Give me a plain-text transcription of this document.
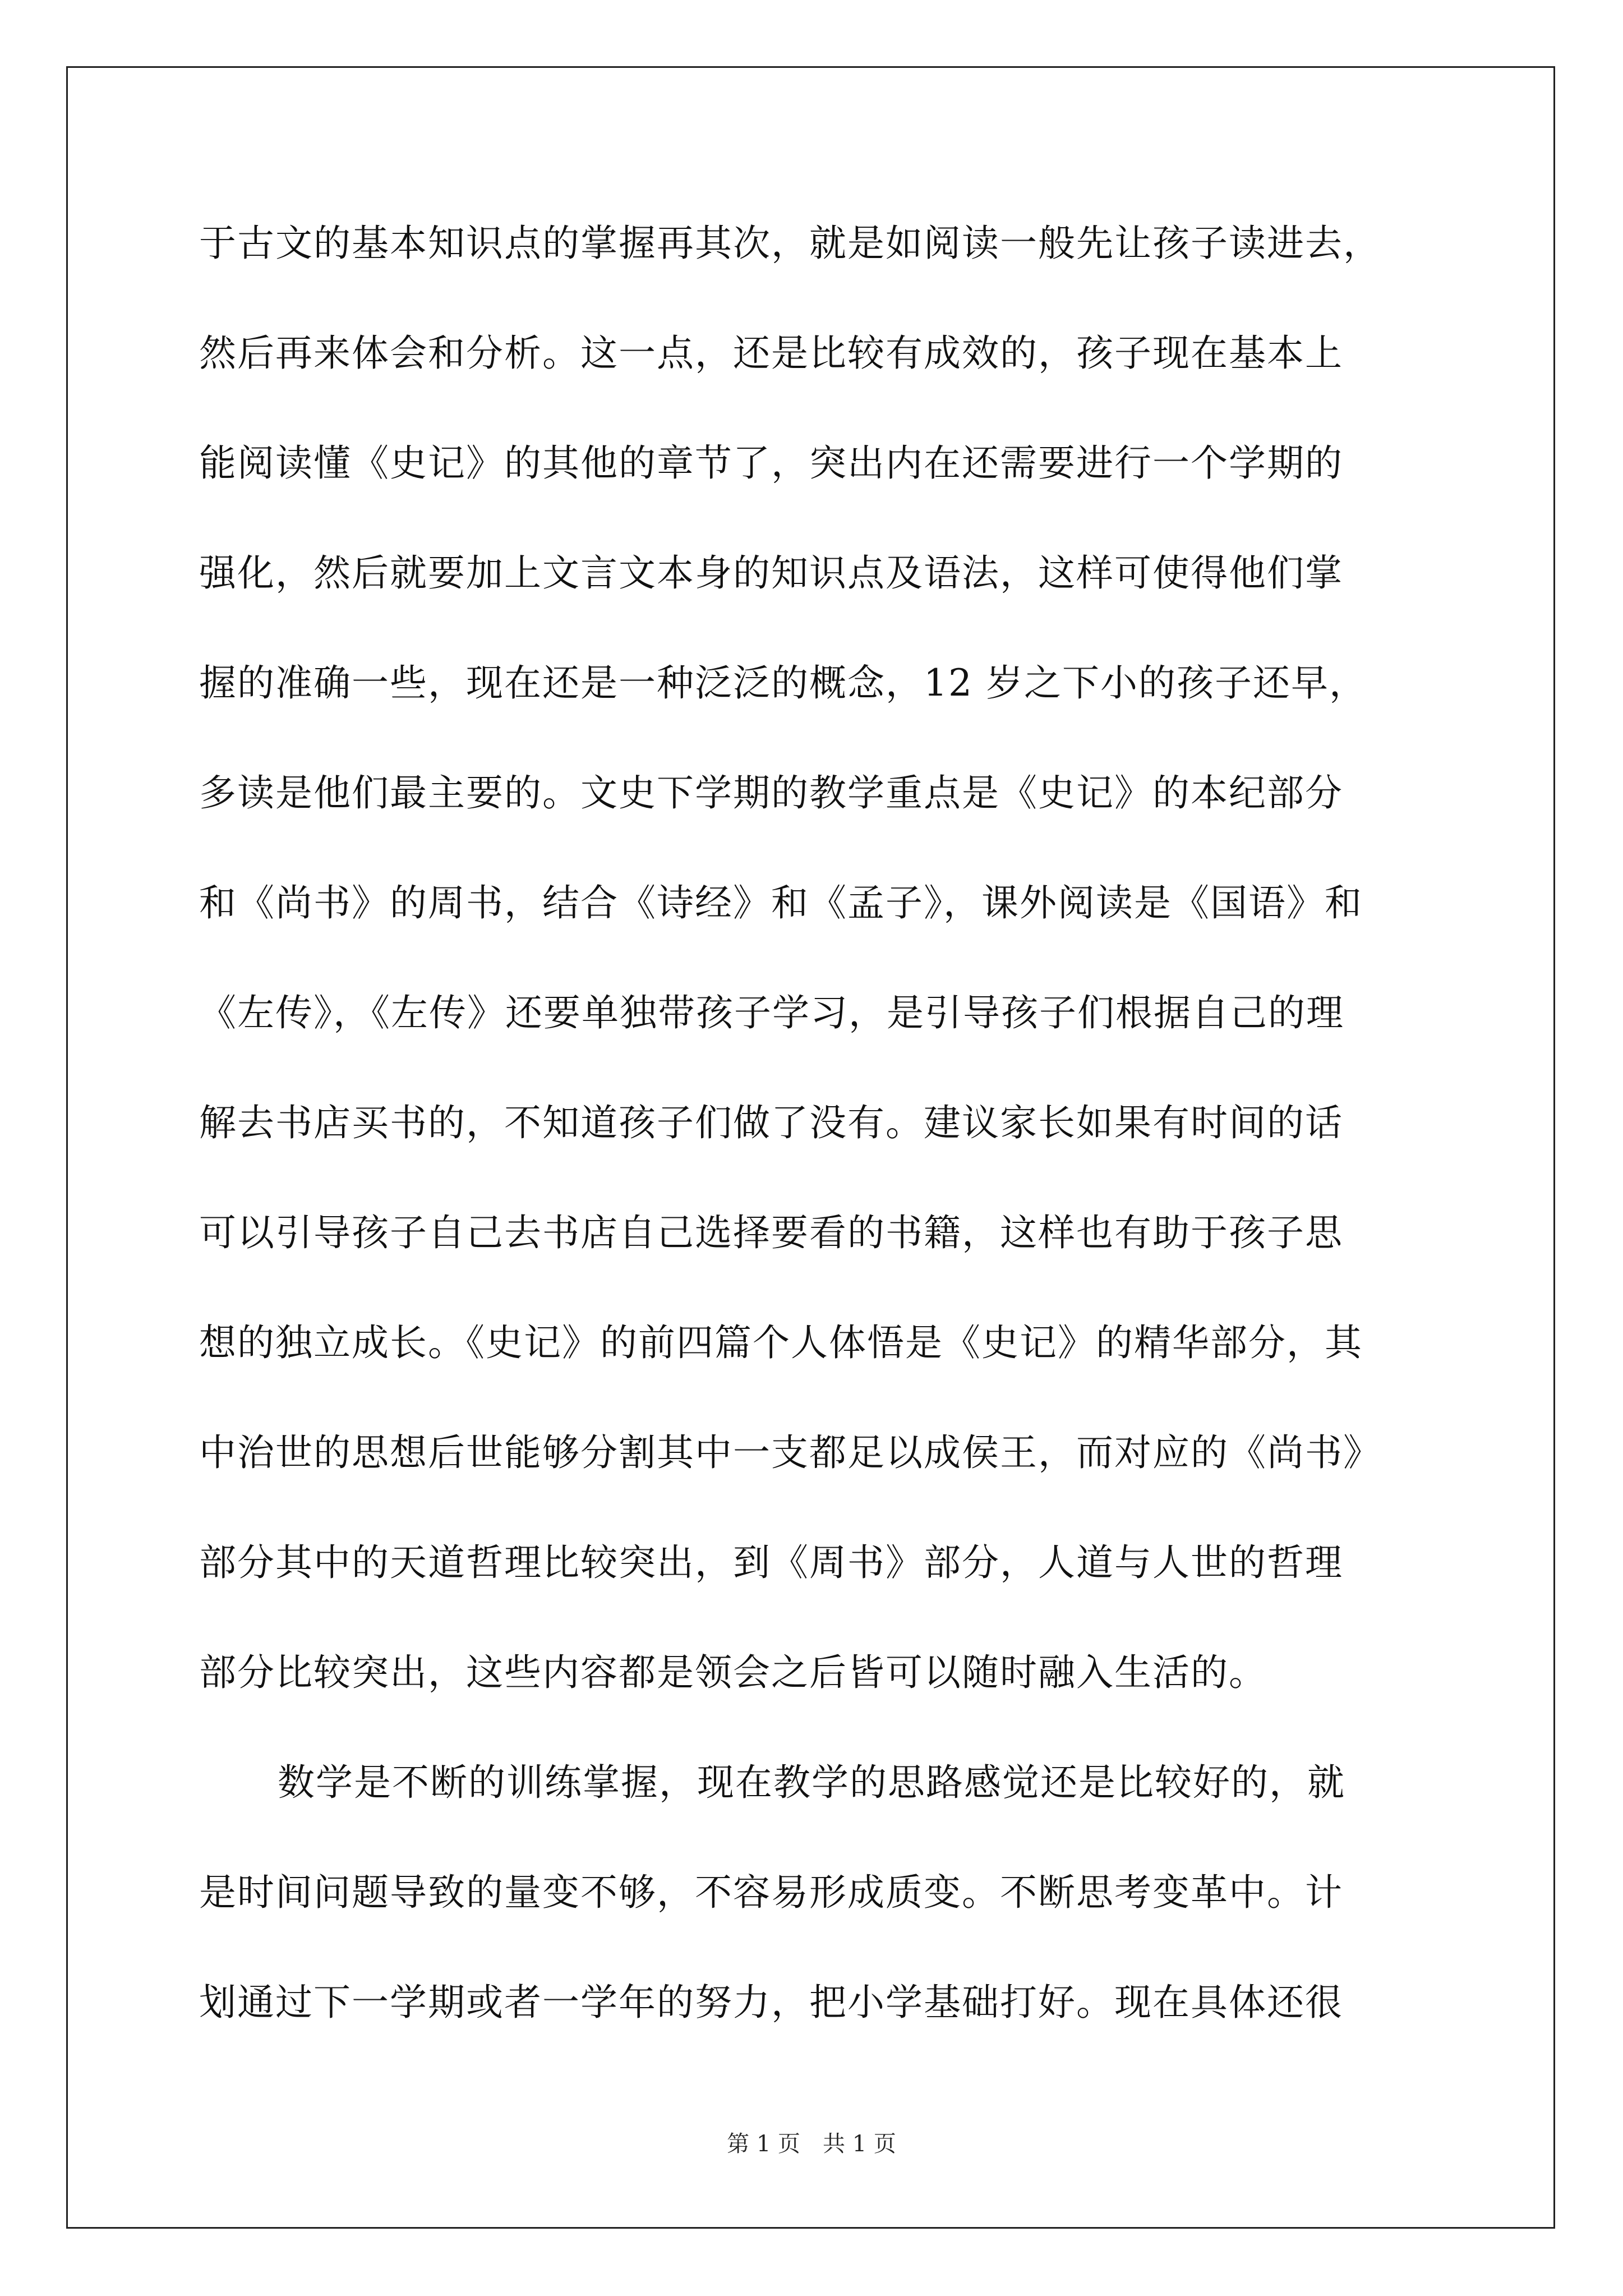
于古文的基本知识点的掌握再其次，就是如阅读一般先让孩子读进去，
然后再来体会和分析。这一点，还是比较有成效的，孩子现在基本上
能阅读懂《史记》的其他的章节了，突出内在还需要进行一个学期的
强化，然后就要加上文言文本身的知识点及语法，这样可使得他们掌
握的准确一些，现在还是一种泛泛的概念，12 岁之下小的孩子还早，
多读是他们最主要的。文史下学期的教学重点是《史记》的本纪部分
和《尚书》的周书，结合《诗经》和《孟子》，课外阅读是《国语》和
《左传》，《左传》还要单独带孩子学习，是引导孩子们根据自己的理
解去书店买书的，不知道孩子们做了没有。建议家长如果有时间的话
可以引导孩子自己去书店自己选择要看的书籍，这样也有助于孩子思
想的独立成长。《史记》的前四篇个人体悟是《史记》的精华部分，其
中治世的思想后世能够分割其中一支都足以成侯王，而对应的《尚书》
部分其中的天道哲理比较突出，到《周书》部分，人道与人世的哲理
部分比较突出，这些内容都是领会之后皆可以随时融入生活的。
数学是不断的训练掌握，现在教学的思路感觉还是比较好的，就
是时间问题导致的量变不够，不容易形成质变。不断思考变革中。计
划通过下一学期或者一学年的努力，把小学基础打好。现在具体还很
第 1 页　共 1 页
